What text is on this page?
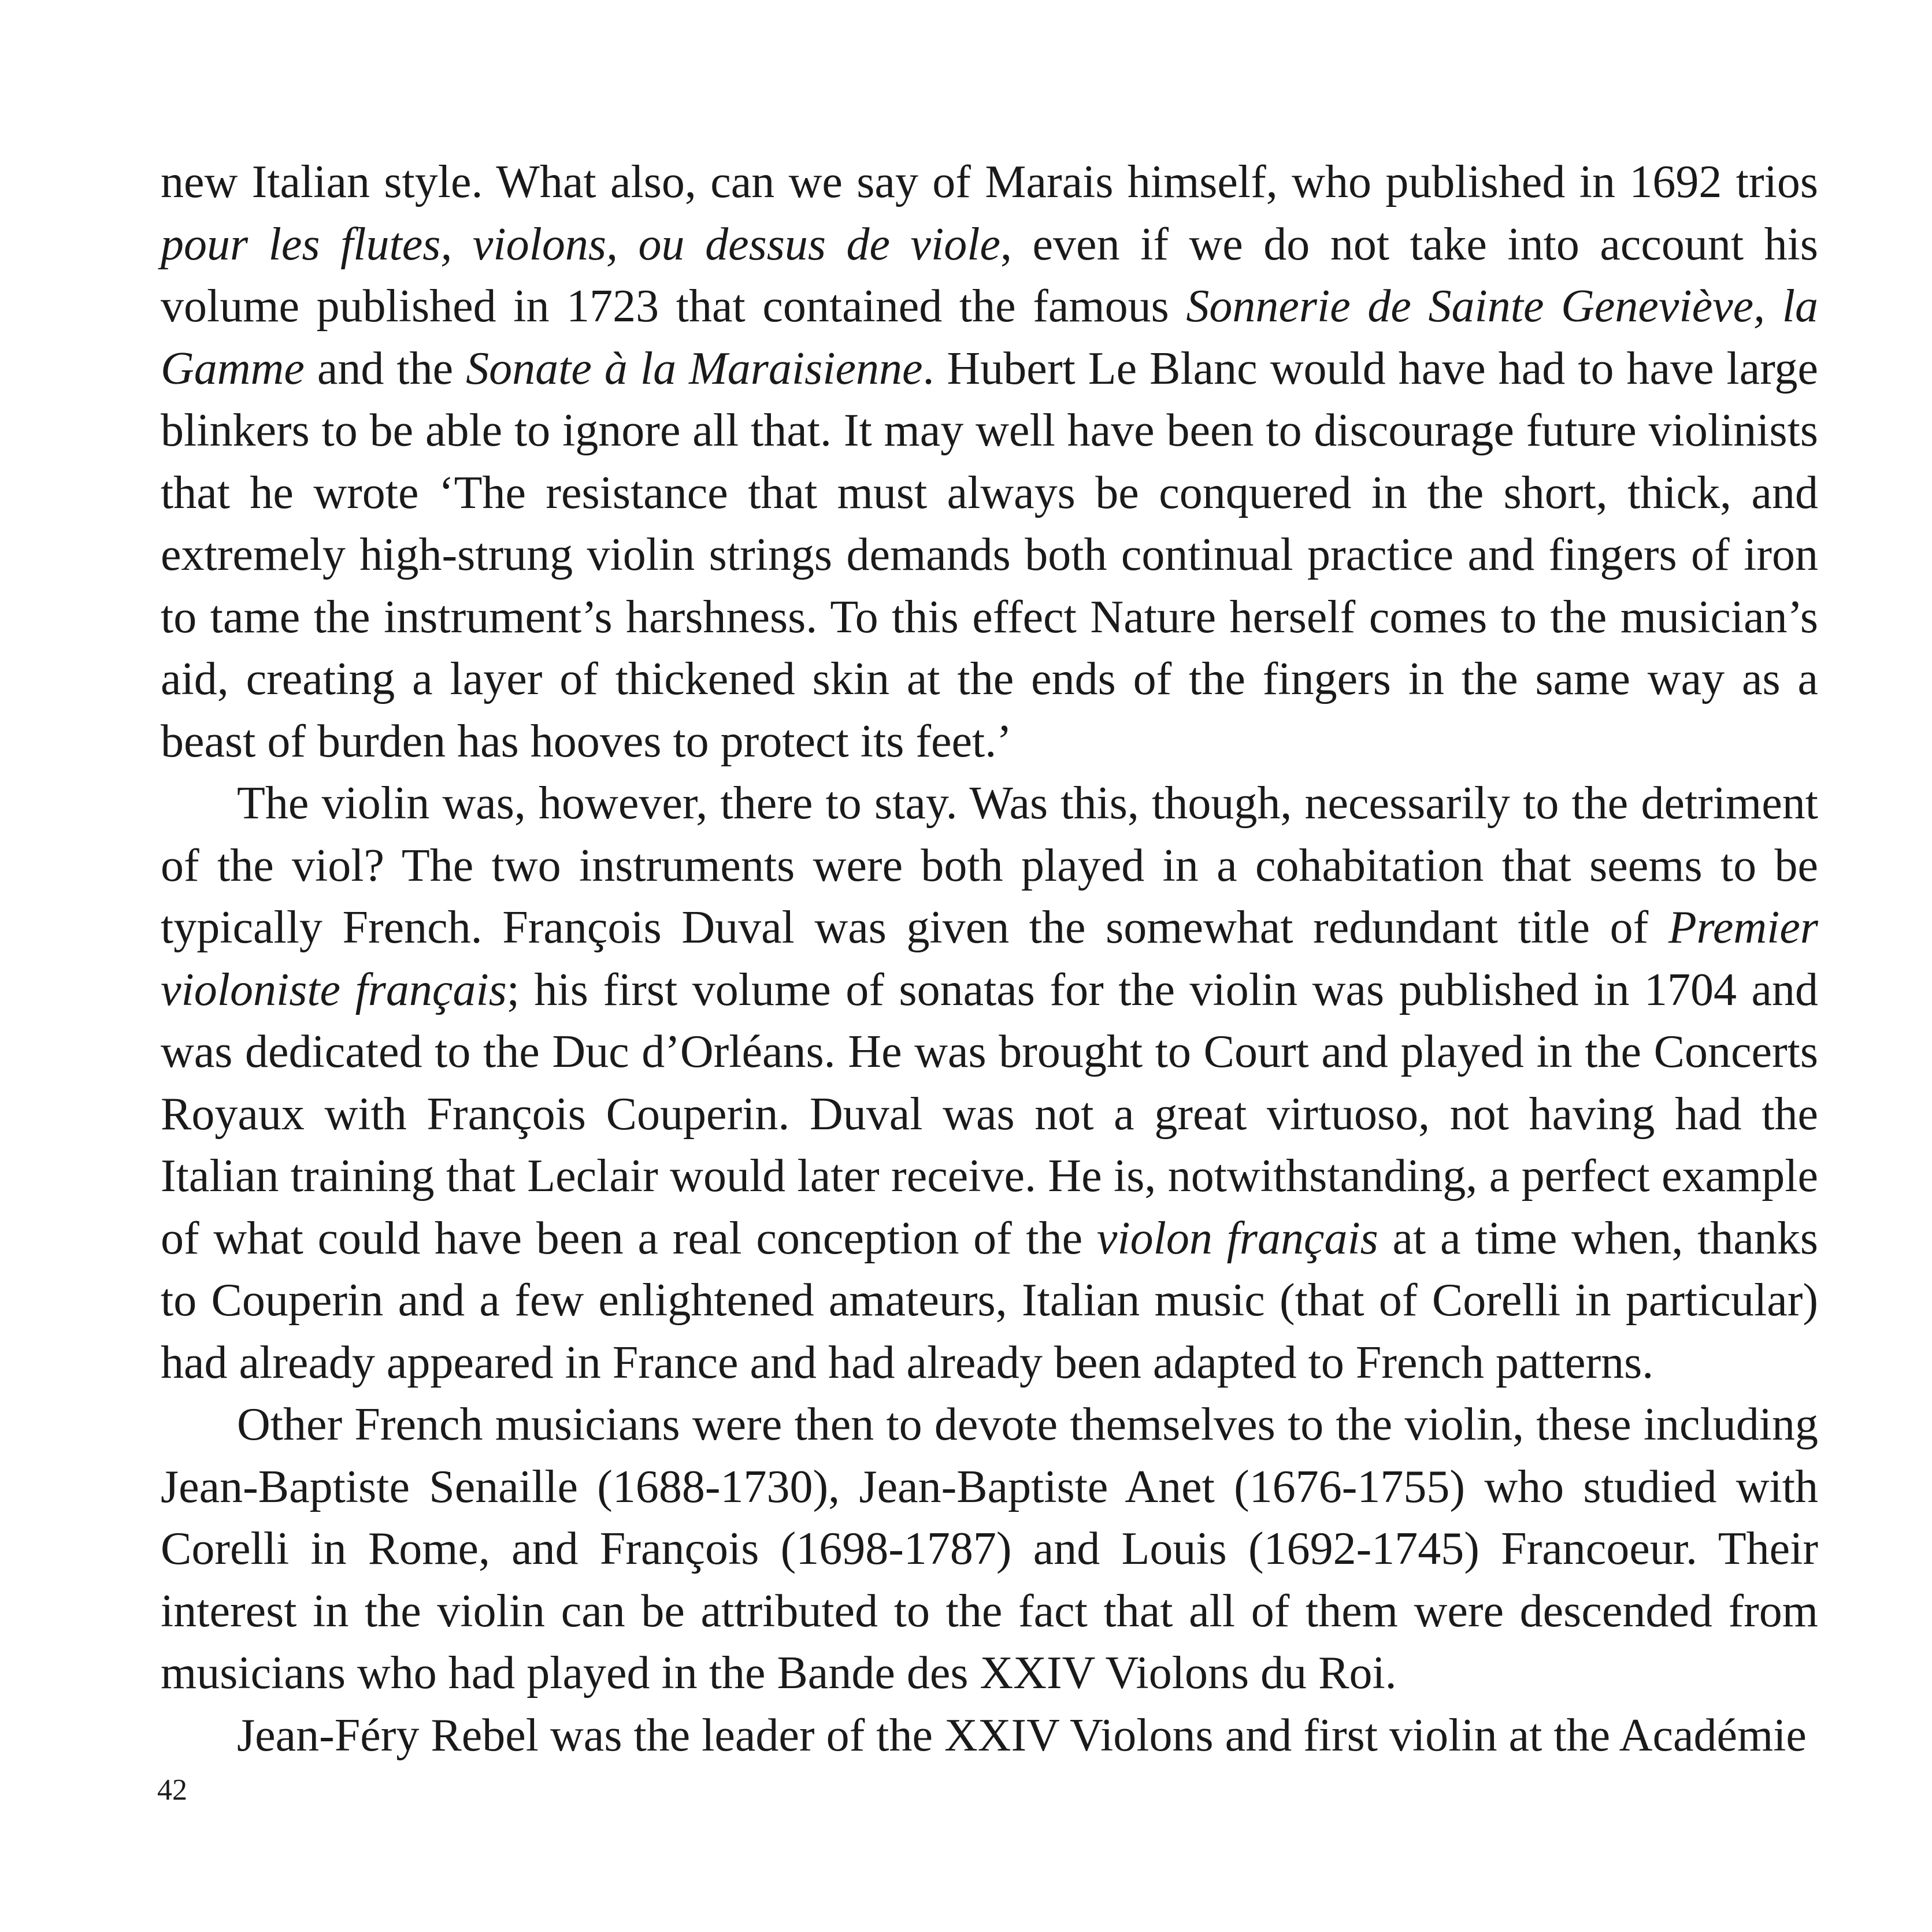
new Italian style. What also, can we say of Marais himself, who published in 1692 trios pour les flutes, violons, ou dessus de viole, even if we do not take into account his volume published in 1723 that contained the famous Sonnerie de Sainte Geneviève, la Gamme and the Sonate à la Maraisienne. Hubert Le Blanc would have had to have large blinkers to be able to ignore all that. It may well have been to discourage future violinists that he wrote ‘The resistance that must always be conquered in the short, thick, and extremely high-strung violin strings demands both continual practice and fingers of iron to tame the instrument’s harshness. To this effect Nature herself comes to the musician’s aid, creating a layer of thickened skin at the ends of the fingers in the same way as a beast of burden has hooves to protect its feet.’

The violin was, however, there to stay. Was this, though, necessarily to the detriment of the viol? The two instruments were both played in a cohabitation that seems to be typically French. François Duval was given the somewhat redundant title of Premier violoniste français; his first volume of sonatas for the violin was published in 1704 and was dedicated to the Duc d’Orléans. He was brought to Court and played in the Concerts Royaux with François Couperin. Duval was not a great virtuoso, not having had the Italian training that Leclair would later receive. He is, notwithstanding, a perfect example of what could have been a real conception of the violon français at a time when, thanks to Couperin and a few enlightened amateurs, Italian music (that of Corelli in particular) had already appeared in France and had already been adapted to French patterns.

Other French musicians were then to devote themselves to the violin, these including Jean-Baptiste Senaille (1688-1730), Jean-Baptiste Anet (1676-1755) who studied with Corelli in Rome, and François (1698-1787) and Louis (1692-1745) Francoeur. Their interest in the violin can be attributed to the fact that all of them were descended from musicians who had played in the Bande des XXIV Violons du Roi.

Jean-Féry Rebel was the leader of the XXIV Violons and first violin at the Académie

42
